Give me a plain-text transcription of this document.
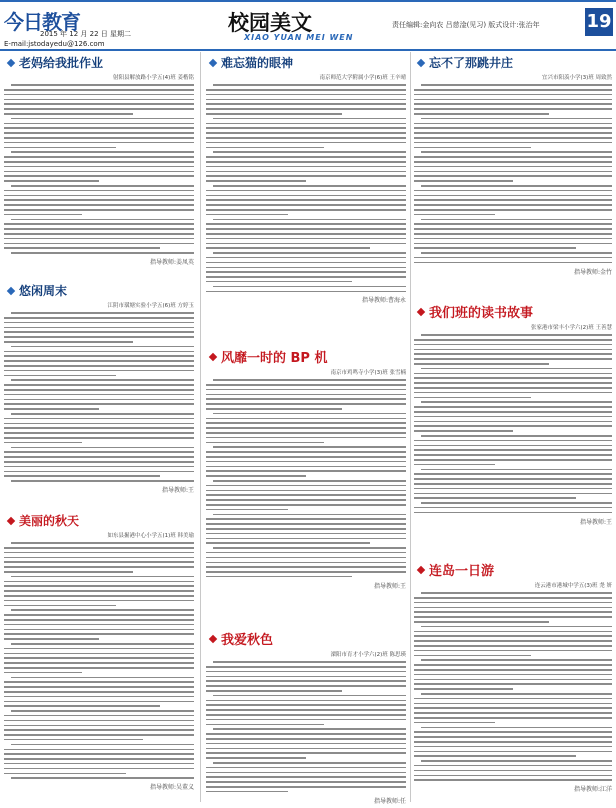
今日教育
2015 年 12 月 22 日 星期二
E-mail:jstodayedu@126.com
校园美文
XIAO YUAN MEI WEN
责任编辑:金向农 吕慈淦(见习) 版式设计:张治年	19
老妈给我批作业
射阳县解放路小学五(4)班 姜楷铭
指导教师:姜凤英
悠闲周末
江阴市璜塘实验小学五(6)班 方婷玉
指导教师:王
美丽的秋天
如东县掘港中心小学五(1)班 韩美瑜
指导教师:吴董义
难忘猫的眼神
南京师范大学附属小学(6)班 王辛晴
指导教师:曹海永
风靡一时的 BP 机
南京市鸡鸣寺小学(3)班 张雪楠
指导教师:王
我爱秋色
溧阳市育才小学六(2)班 陈思瑛
指导教师:任
忘不了那跳井庄
宜兴市阳羡小学(3)班 周致然
指导教师:金竹
我们班的读书故事
张家港市梁丰小学六(2)班 王善慧
指导教师:王
连岛一日游
连云港市港城中学五(3)班 尧 妍
指导教师:江洋
